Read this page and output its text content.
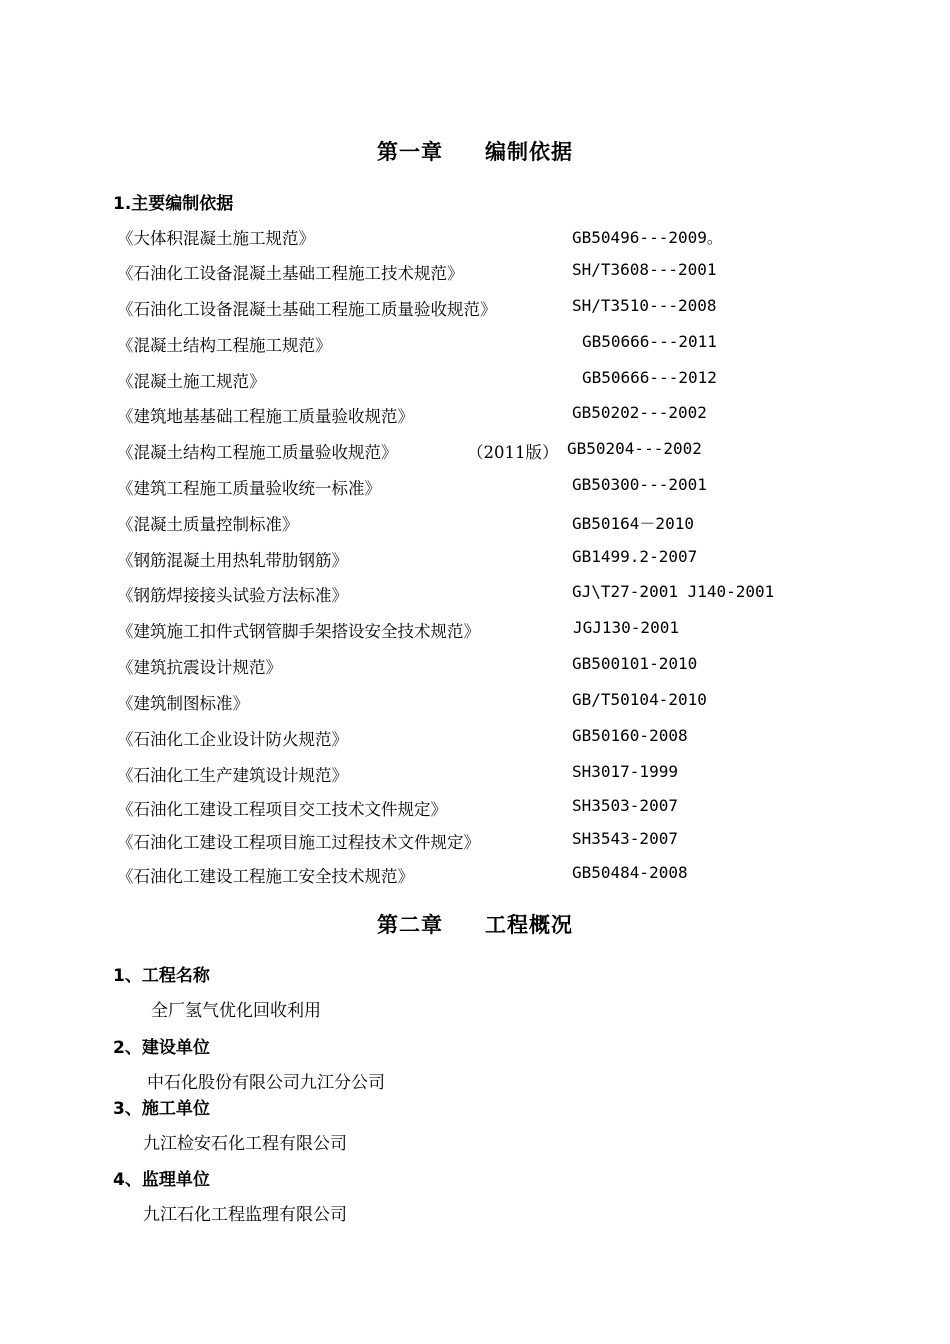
第一章 编制依据
1.主要编制依据
《大体积混凝土施工规范》	GB50496---2009。
《石油化工设备混凝土基础工程施工技术规范》	SH/T3608---2001
《石油化工设备混凝土基础工程施工质量验收规范》	SH/T3510---2008
《混凝土结构工程施工规范》	GB50666---2011
《混凝土施工规范》	GB50666---2012
《建筑地基基础工程施工质量验收规范》	GB50202---2002
《混凝土结构工程施工质量验收规范》	（2011版） GB50204---2002
《建筑工程施工质量验收统一标准》	GB50300---2001
《混凝土质量控制标准》	GB50164－2010
《钢筋混凝土用热轧带肋钢筋》	GB1499.2-2007
《钢筋焊接接头试验方法标准》	GJ\T27-2001 J140-2001
《建筑施工扣件式钢管脚手架搭设安全技术规范》	JGJ130-2001
《建筑抗震设计规范》	GB500101-2010
《建筑制图标准》	GB/T50104-2010
《石油化工企业设计防火规范》	GB50160-2008
《石油化工生产建筑设计规范》	SH3017-1999
《石油化工建设工程项目交工技术文件规定》	SH3503-2007
《石油化工建设工程项目施工过程技术文件规定》	SH3543-2007
《石油化工建设工程施工安全技术规范》	GB50484-2008
第二章 工程概况
1、工程名称
全厂氢气优化回收利用
2、建设单位
中石化股份有限公司九江分公司
3、施工单位
九江检安石化工程有限公司
4、监理单位
九江石化工程监理有限公司
